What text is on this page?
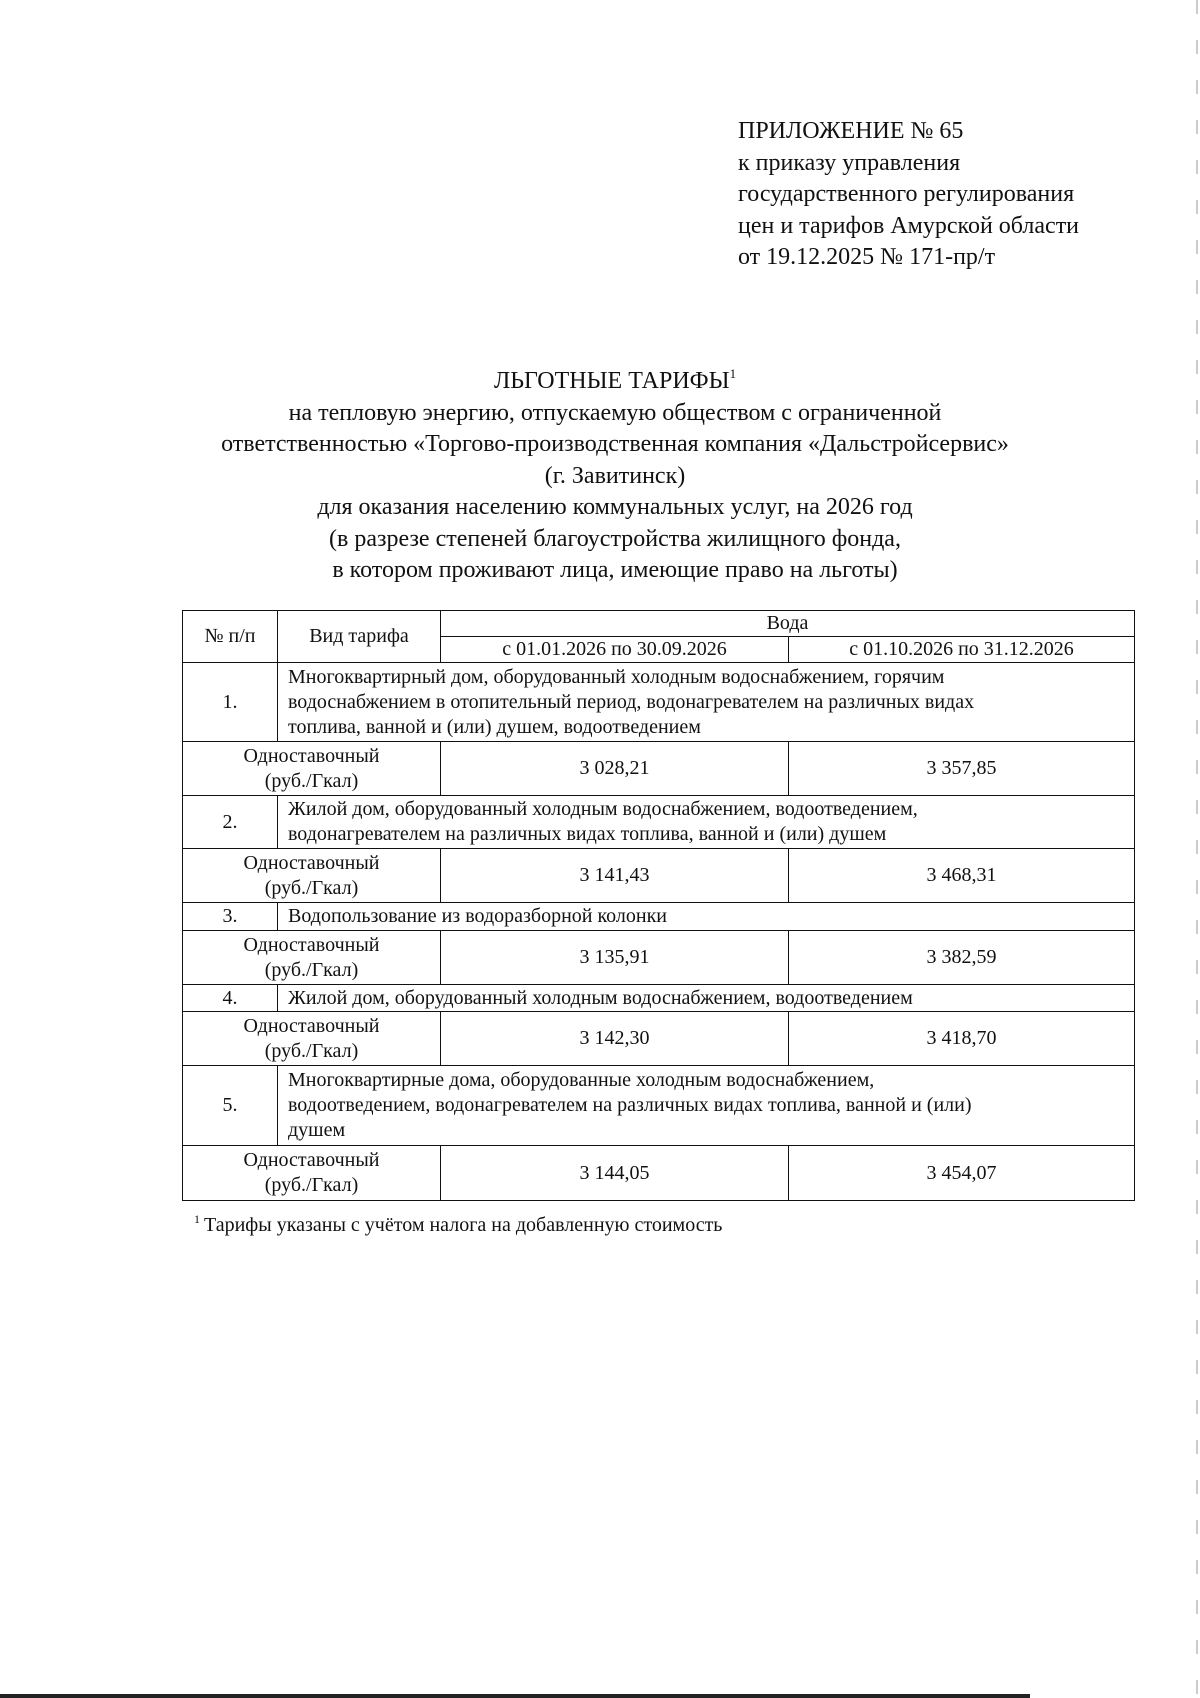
ПРИЛОЖЕНИЕ № 65
к приказу управления
государственного регулирования
цен и тарифов Амурской области
от 19.12.2025 № 171-пр/т
ЛЬГОТНЫЕ ТАРИФЫ$^1$
на тепловую энергию, отпускаемую обществом с ограниченной
ответственностью «Торгово-производственная компания «Дальстройсервис»
(г. Завитинск)
для оказания населению коммунальных услуг, на 2026 год
(в разрезе степеней благоустройства жилищного фонда,
в котором проживают лица, имеющие право на льготы)
№ п/п	Вид тарифа	Вода	
		с 01.01.2026 по 30.09.2026	с 01.10.2026 по 31.12.2026
1.	Многоквартирный дом, оборудованный холодным водоснабжением, горячим
водоснабжением в отопительный период, водонагревателем на различных видах
топлива, ванной и (или) душем, водоотведением		

Одноставочный
(руб./Гкал)		3 028,21	3 357,85
2.	Жилой дом, оборудованный холодным водоснабжением, водоотведением,
водонагревателем на различных видах топлива, ванной и (или) душем		

Одноставочный
(руб./Гкал)		3 141,43	3 468,31
3.	Водопользование из водоразборной колонки		

Одноставочный
(руб./Гкал)		3 135,91	3 382,59
4.	Жилой дом, оборудованный холодным водоснабжением, водоотведением		

Одноставочный
(руб./Гкал)		3 142,30	3 418,70
5.	Многоквартирные дома, оборудованные холодным водоснабжением,
водоотведением, водонагревателем на различных видах топлива, ванной и (или)
душем		

Одноставочный
(руб./Гкал)		3 144,05	3 454,07
$^1$ Тарифы указаны с учётом налога на добавленную стоимость
